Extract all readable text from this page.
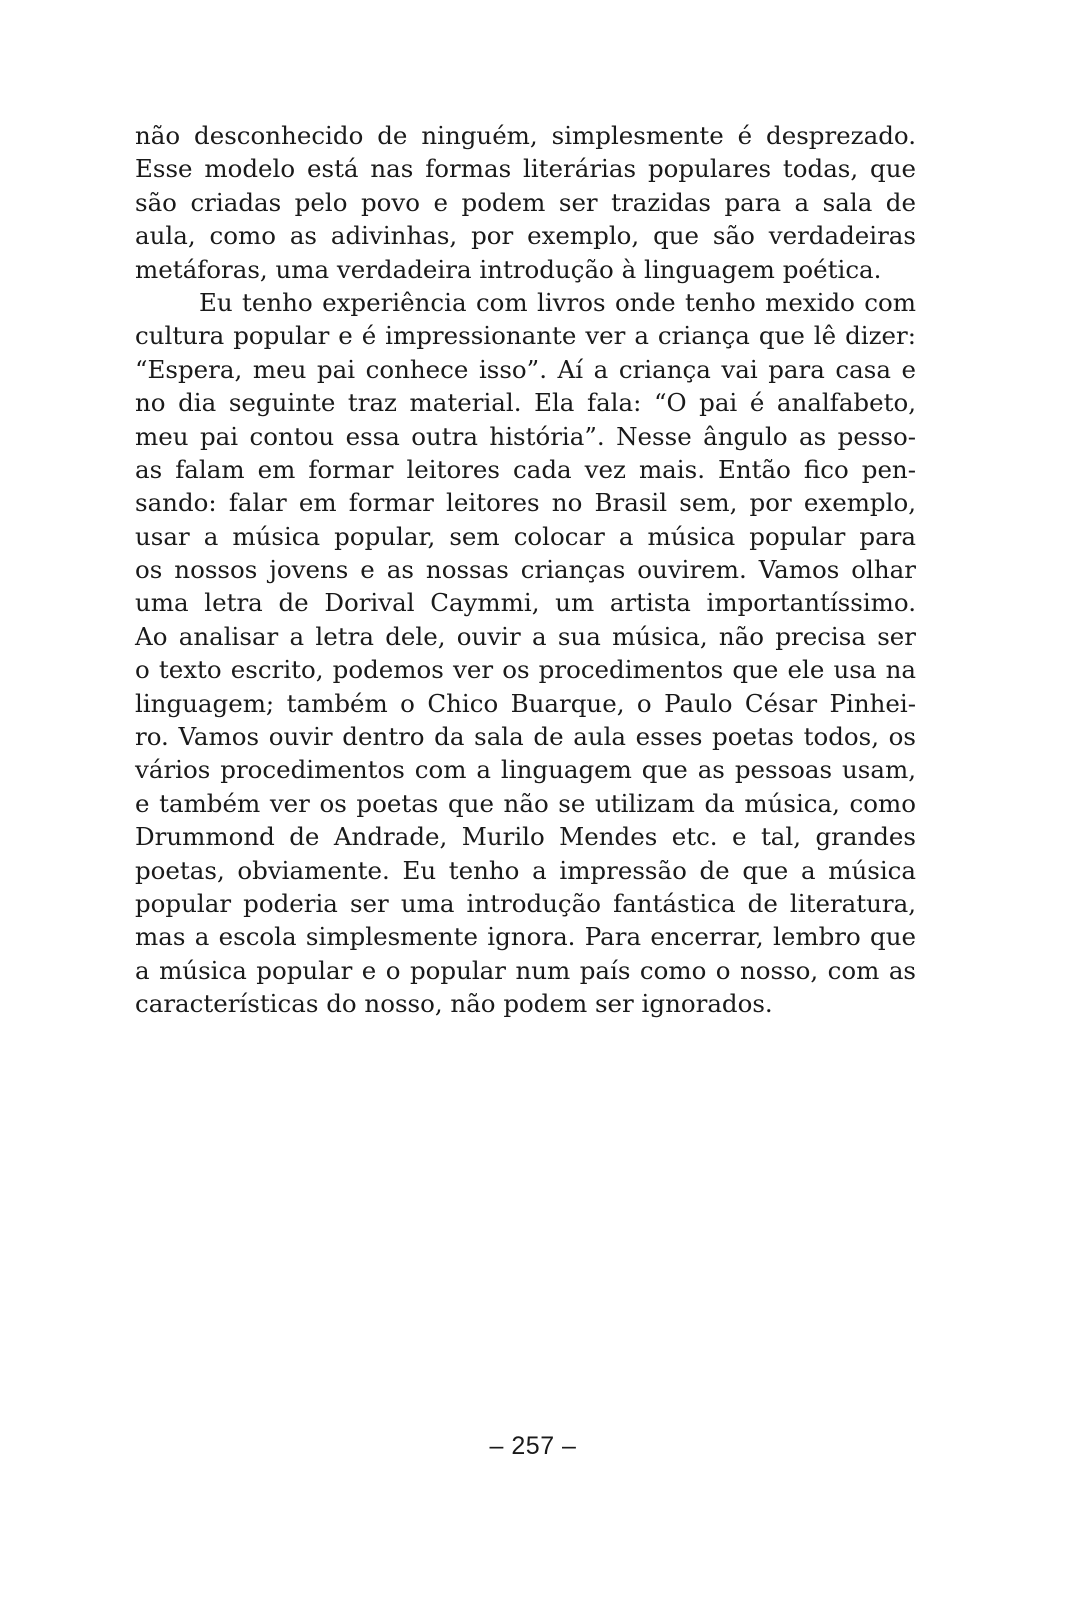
não desconhecido de ninguém, simplesmente é desprezado.
Esse modelo está nas formas literárias populares todas, que
são criadas pelo povo e podem ser trazidas para a sala de
aula, como as adivinhas, por exemplo, que são verdadeiras
metáforas, uma verdadeira introdução à linguagem poética.
Eu tenho experiência com livros onde tenho mexido com
cultura popular e é impressionante ver a criança que lê dizer:
“Espera, meu pai conhece isso”. Aí a criança vai para casa e
no dia seguinte traz material. Ela fala: “O pai é analfabeto,
meu pai contou essa outra história”. Nesse ângulo as pesso-
as falam em formar leitores cada vez mais. Então fico pen-
sando: falar em formar leitores no Brasil sem, por exemplo,
usar a música popular, sem colocar a música popular para
os nossos jovens e as nossas crianças ouvirem. Vamos olhar
uma letra de Dorival Caymmi, um artista importantíssimo.
Ao analisar a letra dele, ouvir a sua música, não precisa ser
o texto escrito, podemos ver os procedimentos que ele usa na
linguagem; também o Chico Buarque, o Paulo César Pinhei-
ro. Vamos ouvir dentro da sala de aula esses poetas todos, os
vários procedimentos com a linguagem que as pessoas usam,
e também ver os poetas que não se utilizam da música, como
Drummond de Andrade, Murilo Mendes etc. e tal, grandes
poetas, obviamente. Eu tenho a impressão de que a música
popular poderia ser uma introdução fantástica de literatura,
mas a escola simplesmente ignora. Para encerrar, lembro que
a música popular e o popular num país como o nosso, com as
características do nosso, não podem ser ignorados.
– 257 –
